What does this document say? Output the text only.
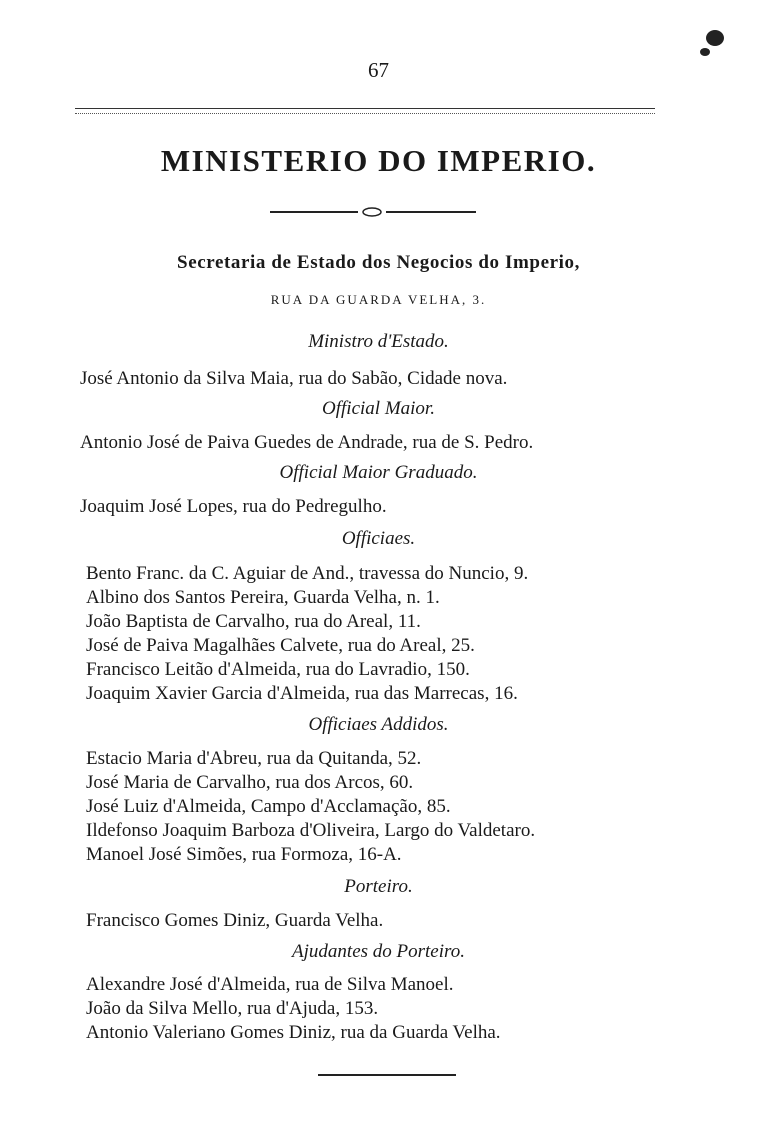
67
MINISTERIO DO IMPERIO.
Secretaria de Estado dos Negocios do Imperio,
RUA DA GUARDA VELHA, 3.
Ministro d'Estado.
José Antonio da Silva Maia, rua do Sabão, Cidade nova.
Official Maior.
Antonio José de Paiva Guedes de Andrade, rua de S. Pedro.
Official Maior Graduado.
Joaquim José Lopes, rua do Pedregulho.
Officiaes.
Bento Franc. da C. Aguiar de And., travessa do Nuncio, 9.
Albino dos Santos Pereira, Guarda Velha, n. 1.
João Baptista de Carvalho, rua do Areal, 11.
José de Paiva Magalhães Calvete, rua do Areal, 25.
Francisco Leitão d'Almeida, rua do Lavradio, 150.
Joaquim Xavier Garcia d'Almeida, rua das Marrecas, 16.
Officiaes Addidos.
Estacio Maria d'Abreu, rua da Quitanda, 52.
José Maria de Carvalho, rua dos Arcos, 60.
José Luiz d'Almeida, Campo d'Acclamação, 85.
Ildefonso Joaquim Barboza d'Oliveira, Largo do Valdetaro.
Manoel José Simões, rua Formoza, 16-A.
Porteiro.
Francisco Gomes Diniz, Guarda Velha.
Ajudantes do Porteiro.
Alexandre José d'Almeida, rua de Silva Manoel.
João da Silva Mello, rua d'Ajuda, 153.
Antonio Valeriano Gomes Diniz, rua da Guarda Velha.
